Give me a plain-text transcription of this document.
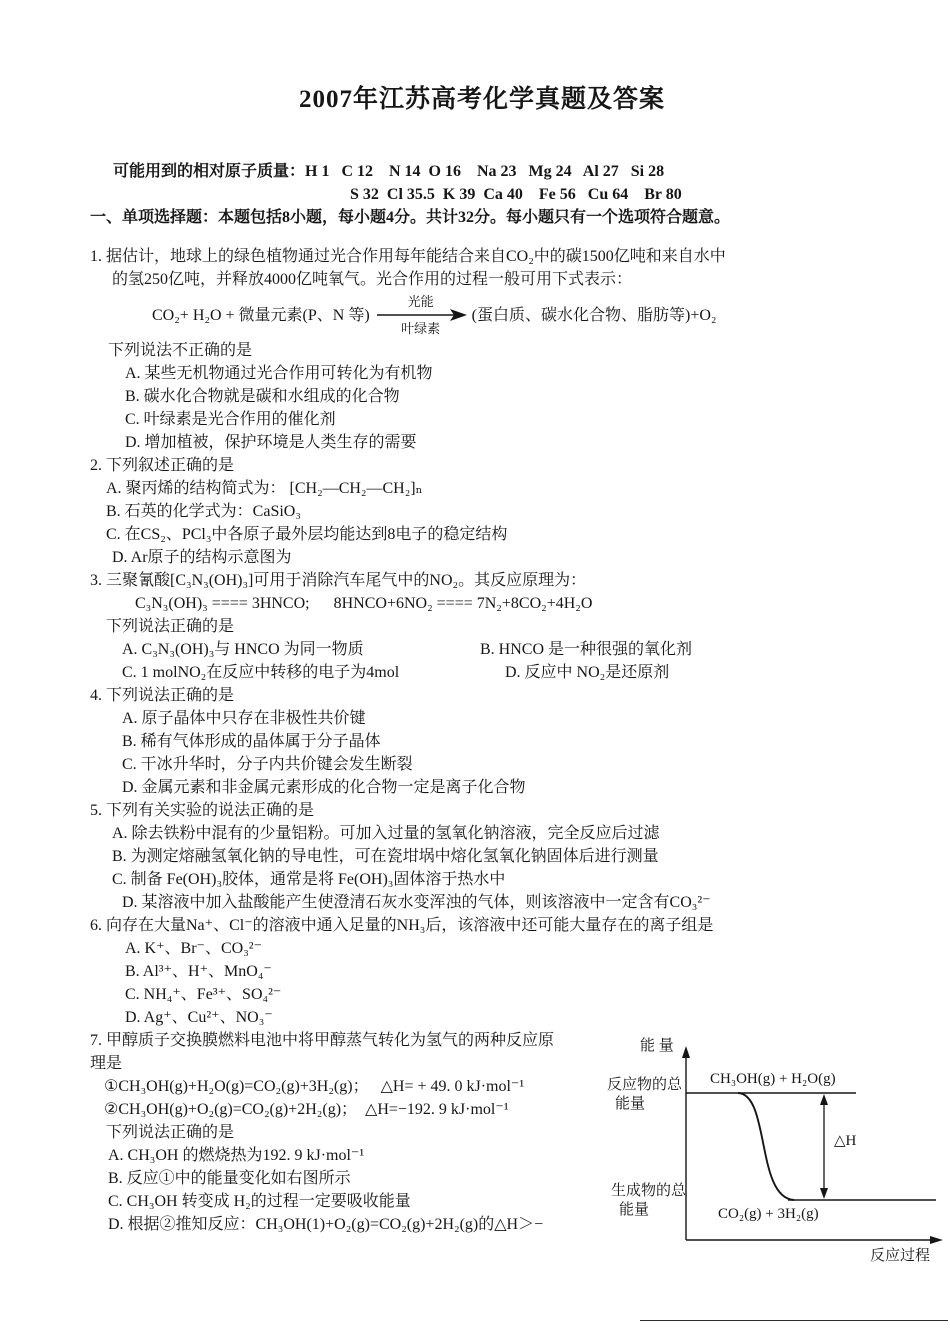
2007年江苏高考化学真题及答案
可能用到的相对原子质量：H 1   C 12    N 14  O 16    Na 23   Mg 24   Al 27   Si 28
S 32  Cl 35.5  K 39  Ca 40    Fe 56   Cu 64    Br 80
一、单项选择题：本题包括8小题，每小题4分。共计32分。每小题只有一个选项符合题意。
1. 据估计，地球上的绿色植物通过光合作用每年能结合来自CO₂中的碳1500亿吨和来自水中
的氢250亿吨，并释放4000亿吨氧气。光合作用的过程一般可用下式表示：
CO₂+ H₂O + 微量元素(P、N 等)
光能
叶绿素
(蛋白质、碳水化合物、脂肪等)+O₂
下列说法不正确的是
A. 某些无机物通过光合作用可转化为有机物
B. 碳水化合物就是碳和水组成的化合物
C. 叶绿素是光合作用的催化剂
D. 增加植被，保护环境是人类生存的需要
2. 下列叙述正确的是
A. 聚丙烯的结构简式为： [CH₂—CH₂—CH₂]ₙ
B. 石英的化学式为：CaSiO₃
C. 在CS₂、PCl₃中各原子最外层均能达到8电子的稳定结构
D. Ar原子的结构示意图为
3. 三聚氰酸[C₃N₃(OH)₃]可用于消除汽车尾气中的NO₂。其反应原理为：
C₃N₃(OH)₃ ==== 3HNCO;      8HNCO+6NO₂ ==== 7N₂+8CO₂+4H₂O
下列说法正确的是
A. C₃N₃(OH)₃与 HNCO 为同一物质	B. HNCO 是一种很强的氧化剂
C. 1 molNO₂在反应中转移的电子为4mol	D. 反应中 NO₂是还原剂
4. 下列说法正确的是
A. 原子晶体中只存在非极性共价键
B. 稀有气体形成的晶体属于分子晶体
C. 干冰升华时，分子内共价键会发生断裂
D. 金属元素和非金属元素形成的化合物一定是离子化合物
5. 下列有关实验的说法正确的是
A. 除去铁粉中混有的少量铝粉。可加入过量的氢氧化钠溶液，完全反应后过滤
B. 为测定熔融氢氧化钠的导电性，可在瓷坩埚中熔化氢氧化钠固体后进行测量
C. 制备 Fe(OH)₃胶体，通常是将 Fe(OH)₃固体溶于热水中
D. 某溶液中加入盐酸能产生使澄清石灰水变浑浊的气体，则该溶液中一定含有CO₃²⁻
6. 向存在大量Na⁺、Cl⁻的溶液中通入足量的NH₃后，该溶液中还可能大量存在的离子组是
A. K⁺、Br⁻、CO₃²⁻
B. Al³⁺、H⁺、MnO₄⁻
C. NH₄⁺、Fe³⁺、SO₄²⁻
D. Ag⁺、Cu²⁺、NO₃⁻
7. 甲醇质子交换膜燃料电池中将甲醇蒸气转化为氢气的两种反应原
理是
①CH₃OH(g)+H₂O(g)=CO₂(g)+3H₂(g)；   △H= + 49. 0 kJ·mol⁻¹
②CH₃OH(g)+O₂(g)=CO₂(g)+2H₂(g)；  △H=−192. 9 kJ·mol⁻¹
下列说法正确的是
A. CH₃OH 的燃烧热为192. 9 kJ·mol⁻¹
B. 反应①中的能量变化如右图所示
C. CH₃OH 转变成 H₂的过程一定要吸收能量
D. 根据②推知反应：CH₃OH(1)+O₂(g)=CO₂(g)+2H₂(g)的△H＞−
能 量
反应物的总
能量
CH₃OH(g) + H₂O(g)
△H
生成物的总
能量	CO₂(g) + 3H₂(g)
反应过程
